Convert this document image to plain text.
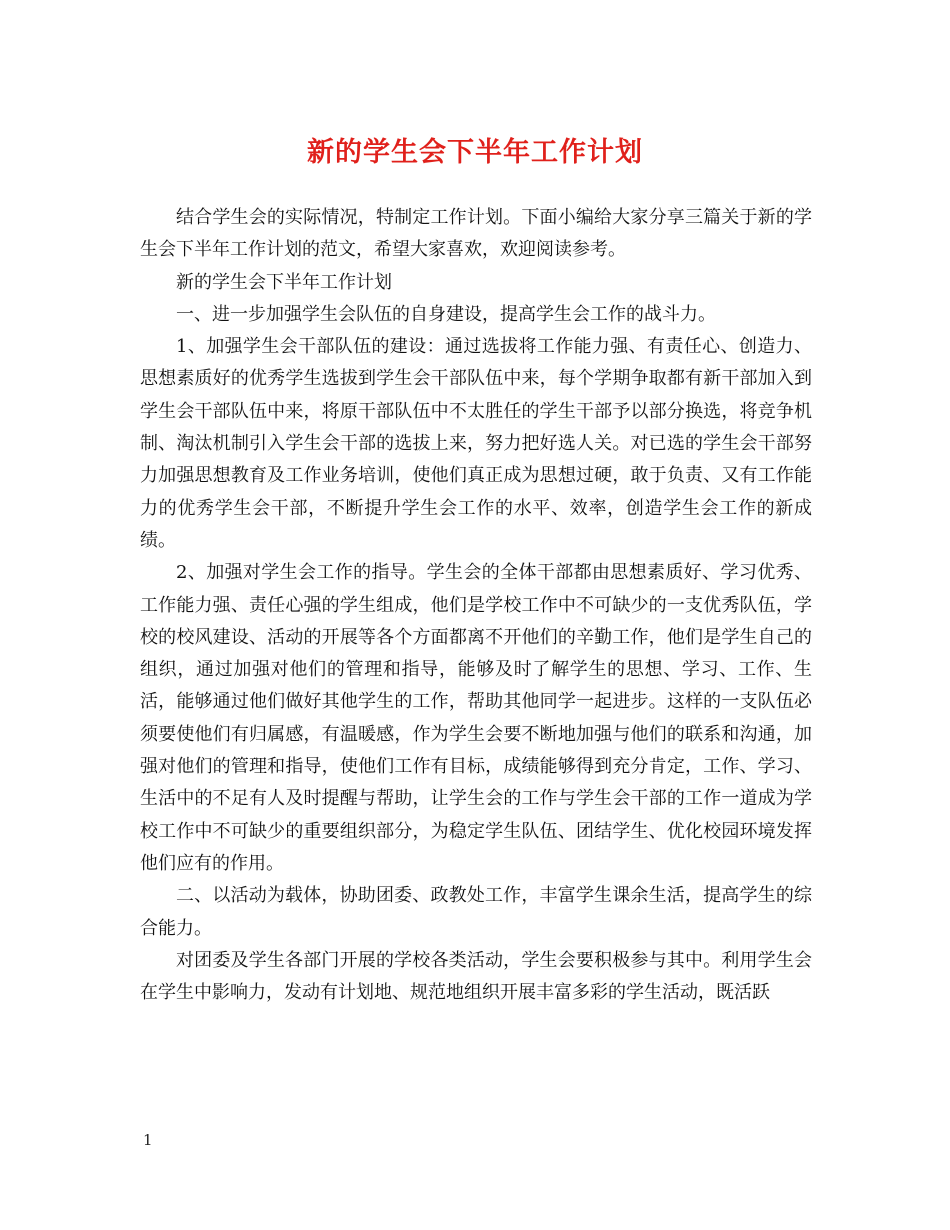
新的学生会下半年工作计划

结合学生会的实际情况，特制定工作计划。下面小编给大家分享三篇关于新的学生会下半年工作计划的范文，希望大家喜欢，欢迎阅读参考。

新的学生会下半年工作计划

一、进一步加强学生会队伍的自身建设，提高学生会工作的战斗力。

1、加强学生会干部队伍的建设：通过选拔将工作能力强、有责任心、创造力、思想素质好的优秀学生选拔到学生会干部队伍中来，每个学期争取都有新干部加入到学生会干部队伍中来，将原干部队伍中不太胜任的学生干部予以部分换选，将竞争机制、淘汰机制引入学生会干部的选拔上来，努力把好选人关。对已选的学生会干部努力加强思想教育及工作业务培训，使他们真正成为思想过硬，敢于负责、又有工作能力的优秀学生会干部，不断提升学生会工作的水平、效率，创造学生会工作的新成绩。

2、加强对学生会工作的指导。学生会的全体干部都由思想素质好、学习优秀、工作能力强、责任心强的学生组成，他们是学校工作中不可缺少的一支优秀队伍，学校的校风建设、活动的开展等各个方面都离不开他们的辛勤工作，他们是学生自己的组织，通过加强对他们的管理和指导，能够及时了解学生的思想、学习、工作、生活，能够通过他们做好其他学生的工作，帮助其他同学一起进步。这样的一支队伍必须要使他们有归属感，有温暖感，作为学生会要不断地加强与他们的联系和沟通，加强对他们的管理和指导，使他们工作有目标，成绩能够得到充分肯定，工作、学习、生活中的不足有人及时提醒与帮助，让学生会的工作与学生会干部的工作一道成为学校工作中不可缺少的重要组织部分，为稳定学生队伍、团结学生、优化校园环境发挥他们应有的作用。

二、以活动为载体，协助团委、政教处工作，丰富学生课余生活，提高学生的综合能力。

对团委及学生各部门开展的学校各类活动，学生会要积极参与其中。利用学生会在学生中影响力，发动有计划地、规范地组织开展丰富多彩的学生活动，既活跃

1
